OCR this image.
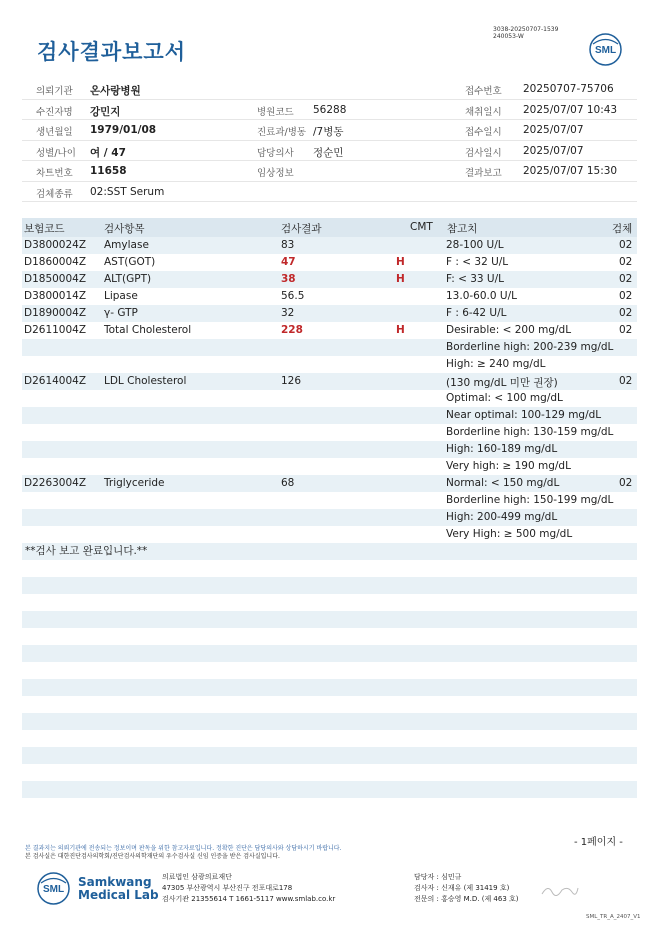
검사결과보고서
3038-20250707-1539
240053-W
SML
의뢰기관 온사랑병원	접수번호 20250707-75706
수진자명 강민지	병원코드 56288	채취일시 2025/07/07 10:43
생년월일 1979/01/08	진료과/병동 /7병동	접수일시 2025/07/07
성별/나이 여 / 47	담당의사 정순민	검사일시 2025/07/07
차트번호 11658	임상정보	결과보고 2025/07/07 15:30
검체종류 02:SST Serum
보험코드	검사항목	검사결과	CMT 참고치	검체
D3800024Z Amylase	83	28-100 U/L	02
D1860004Z AST(GOT)	47	H	F : < 32 U/L	02
D1850004Z ALT(GPT)	38	H	F: < 33 U/L	02
D3800014Z Lipase	56.5	13.0-60.0 U/L	02
D1890004Z γ- GTP	32	F : 6-42 U/L	02
D2611004Z Total Cholesterol	228	H	Desirable: < 200 mg/dL	02
Borderline high: 200-239 mg/dL
High: ≥ 240 mg/dL
D2614004Z LDL Cholesterol	126	(130 mg/dL 미만 권장)	02
Optimal: < 100 mg/dL
Near optimal: 100-129 mg/dL
Borderline high: 130-159 mg/dL
High: 160-189 mg/dL
Very high: ≥ 190 mg/dL
D2263004Z Triglyceride	68	Normal: < 150 mg/dL	02
Borderline high: 150-199 mg/dL
High: 200-499 mg/dL
Very High: ≥ 500 mg/dL
**검사 보고 완료입니다.**
- 1페이지 -
본 결과지는 의뢰기관에 전송되는 정보이며 판독을 위한 참고자료입니다. 정확한 진단은 담당의사와 상담하시기 바랍니다.
본 검사실은 대한진단검사의학회/진단검사의학재단의 우수검사실 신임 인증을 받은 검사실입니다.
SML
Samkwang
Medical Lab
의료법인 삼광의료재단
47305 부산광역시 부산진구 전포대로178
검사기관 21355614 T 1661-5117 www.smlab.co.kr
담당자 : 심민규
검사자 : 신재유 (제 31419 호)
전문의 : 홍승영 M.D. (제 463 호)
SML_TR_A_2407_V1
